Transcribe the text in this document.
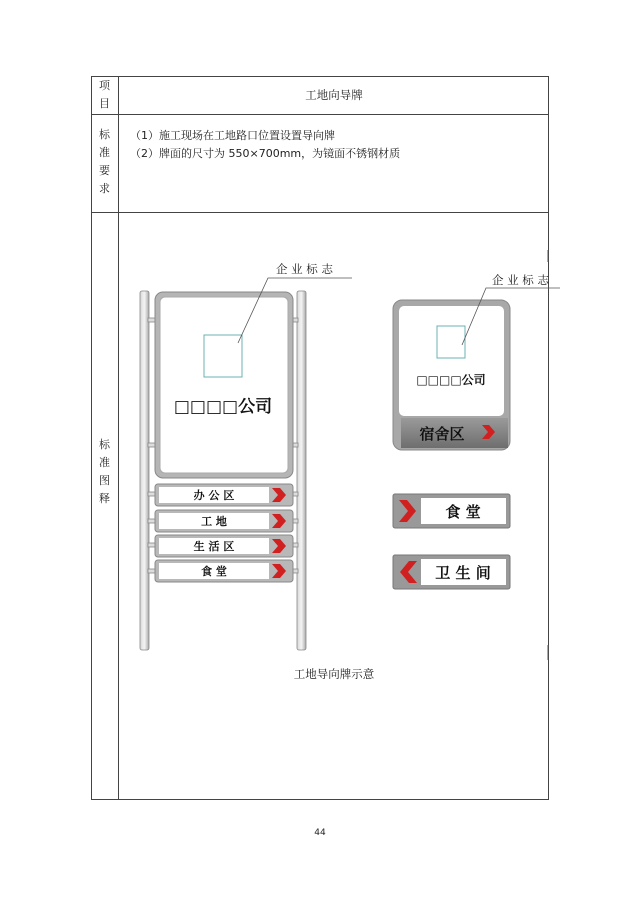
项
目
工地向导牌
标
准
要
求
（1）施工现场在工地路口位置设置导向牌
（2）牌面的尺寸为 550×700mm，为镜面不锈钢材质
标
准
图
释
□□□□公司
企 业 标 志
办 公 区
工 地
生 活 区
食 堂
□□□□公司
宿舍区
企 业 标 志
食 堂
卫 生 间
工地导向牌示意
44
